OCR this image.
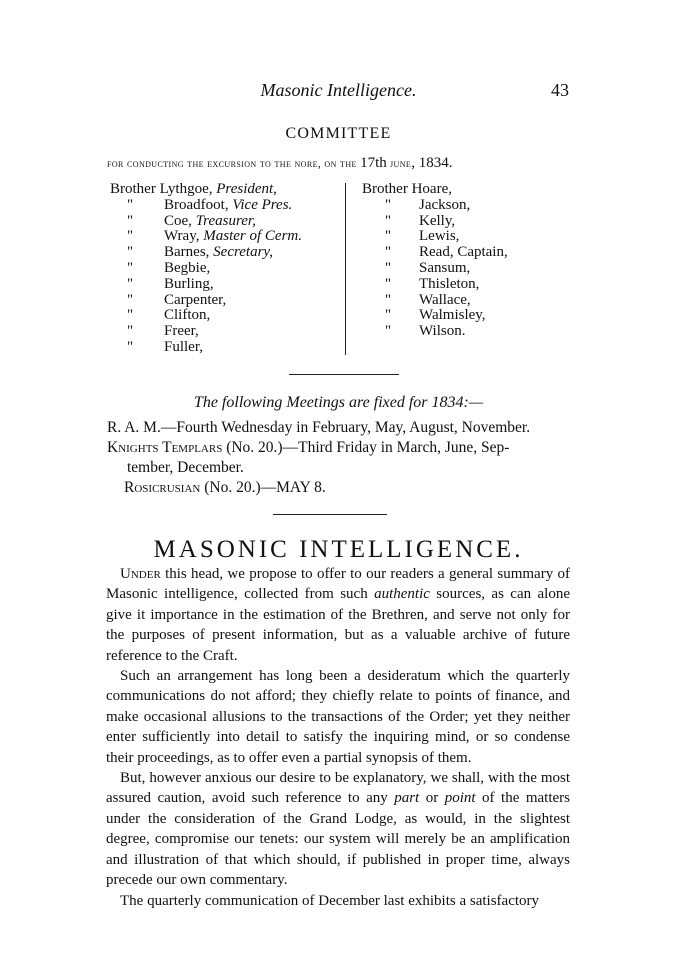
Masonic Intelligence.	43
COMMITTEE
for conducting the excursion to the nore, on the 17th june, 1834.
Brother Lythgoe, President,
" Broadfoot, Vice Pres.
" Coe, Treasurer,
" Wray, Master of Cerm.
" Barnes, Secretary,
" Begbie,
" Burling,
" Carpenter,
" Clifton,
" Freer,
" Fuller,
Brother Hoare,
" Jackson,
" Kelly,
" Lewis,
" Read, Captain,
" Sansum,
" Thisleton,
" Wallace,
" Walmisley,
" Wilson.
The following Meetings are fixed for 1834:—
R. A. M.—Fourth Wednesday in February, May, August, November.
Knights Templars (No. 20.)—Third Friday in March, June, Sep-
tember, December.
Rosicrusian (No. 20.)—MAY 8.
MASONIC INTELLIGENCE.

Under this head, we propose to offer to our readers a general summary of Masonic intelligence, collected from such authentic sources, as can alone give it importance in the estimation of the Brethren, and serve not only for the purposes of present information, but as a valuable archive of future reference to the Craft.

Such an arrangement has long been a desideratum which the quarterly communications do not afford; they chiefly relate to points of finance, and make occasional allusions to the transactions of the Order; yet they neither enter sufficiently into detail to satisfy the inquiring mind, or so condense their proceedings, as to offer even a partial synopsis of them.

But, however anxious our desire to be explanatory, we shall, with the most assured caution, avoid such reference to any part or point of the matters under the consideration of the Grand Lodge, as would, in the slightest degree, compromise our tenets: our system will merely be an amplification and illustration of that which should, if published in proper time, always precede our own commentary.

The quarterly communication of December last exhibits a satisfactory
